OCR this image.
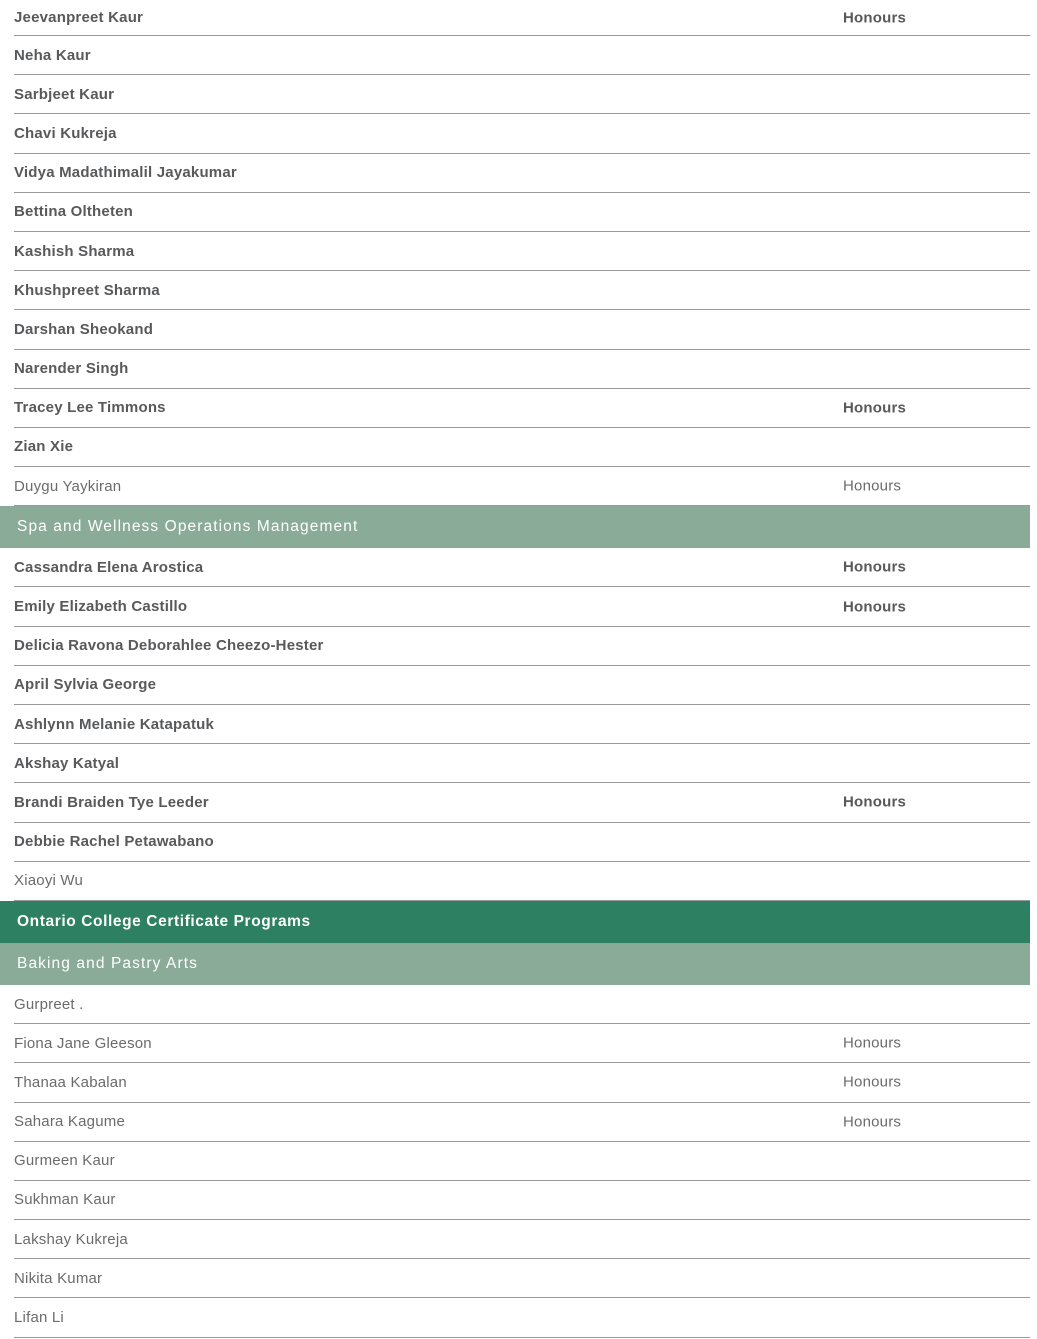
Jeevanpreet Kaur	Honours
Neha Kaur
Sarbjeet Kaur
Chavi Kukreja
Vidya Madathimalil Jayakumar
Bettina Oltheten
Kashish Sharma
Khushpreet Sharma
Darshan Sheokand
Narender Singh
Tracey Lee Timmons	Honours
Zian Xie
Duygu Yaykiran	Honours
Spa and Wellness Operations Management
Cassandra Elena Arostica	Honours
Emily Elizabeth Castillo	Honours
Delicia Ravona Deborahlee Cheezo-Hester
April Sylvia George
Ashlynn Melanie Katapatuk
Akshay Katyal
Brandi Braiden Tye Leeder	Honours
Debbie Rachel Petawabano
Xiaoyi Wu
Ontario College Certificate Programs
Baking and Pastry Arts
Gurpreet .
Fiona Jane Gleeson	Honours
Thanaa Kabalan	Honours
Sahara Kagume	Honours
Gurmeen Kaur
Sukhman Kaur
Lakshay Kukreja
Nikita Kumar
Lifan Li
